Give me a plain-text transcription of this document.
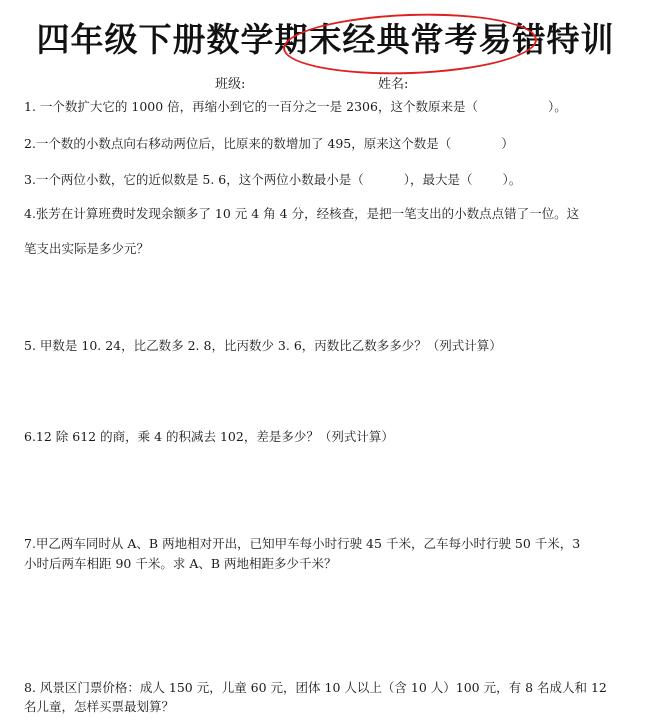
四年级下册数学期末经典常考易错特训
班级:	姓名:
1. 一个数扩大它的 1000 倍，再缩小到它的一百分之一是 2306，这个数原来是（	）。
2.一个数的小数点向右移动两位后，比原来的数增加了 495，原来这个数是（	）
3.一个两位小数，它的近似数是 5. 6，这个两位小数最小是（	），最大是（ ）。
4.张芳在计算班费时发现余额多了 10 元 4 角 4 分，经核查，是把一笔支出的小数点点错了一位。这
笔支出实际是多少元？
5. 甲数是 10. 24，比乙数多 2. 8，比丙数少 3. 6，丙数比乙数多多少？（列式计算）
6.12 除 612 的商，乘 4 的积减去 102，差是多少？（列式计算）
7.甲乙两车同时从 A、B 两地相对开出，已知甲车每小时行驶 45 千米，乙车每小时行驶 50 千米，3
小时后两车相距 90 千米。求 A、B 两地相距多少千米？
8. 风景区门票价格：成人 150 元，儿童 60 元，团体 10 人以上（含 10 人）100 元，有 8 名成人和 12
名儿童，怎样买票最划算？
